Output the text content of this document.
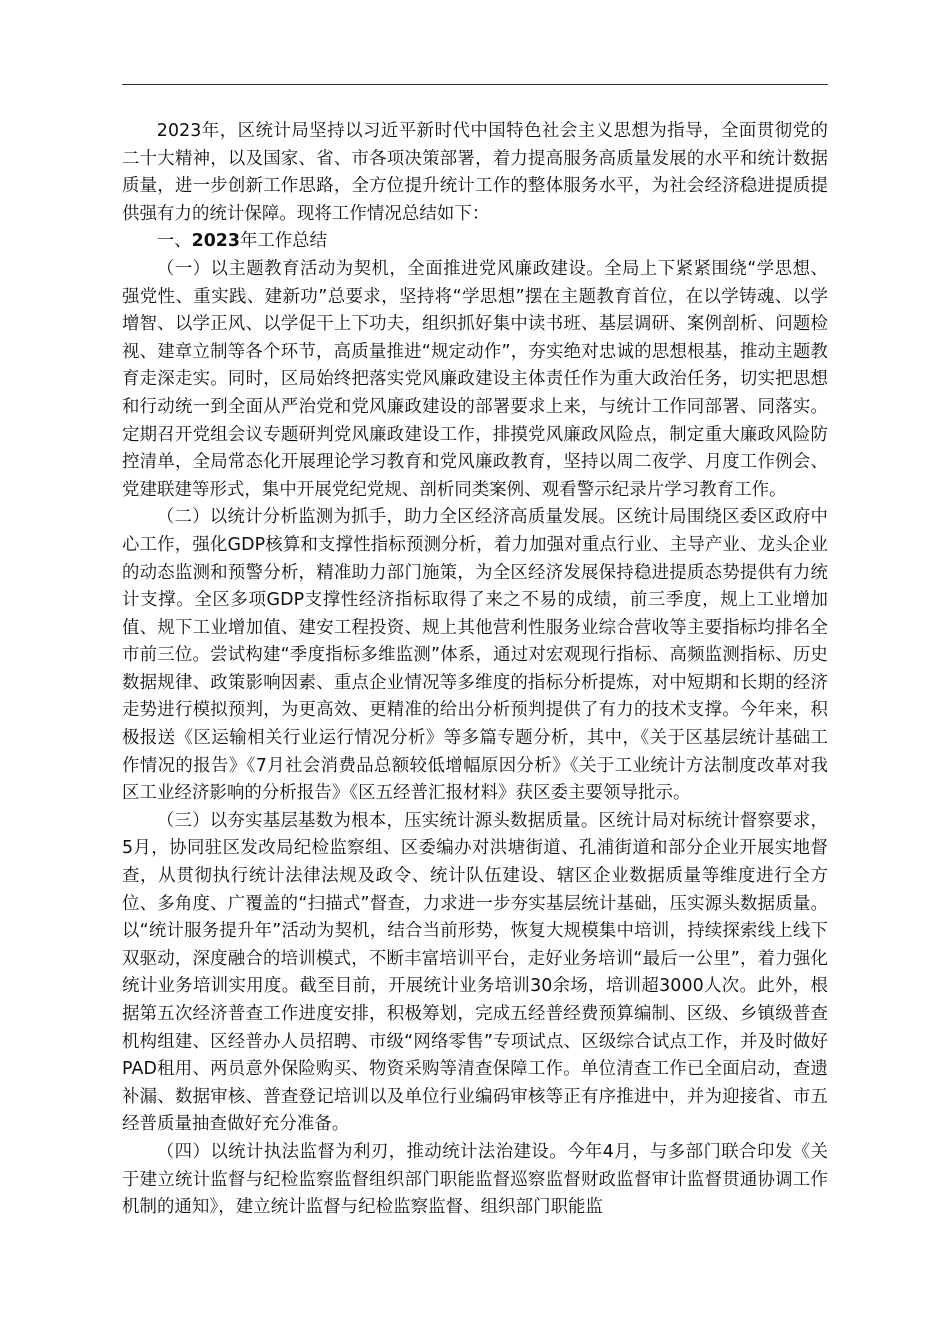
2023年，区统计局坚持以习近平新时代中国特色社会主义思想为指导，全面贯彻党的二十大精神，以及国家、省、市各项决策部署，着力提高服务高质量发展的水平和统计数据质量，进一步创新工作思路，全方位提升统计工作的整体服务水平，为社会经济稳进提质提供强有力的统计保障。现将工作情况总结如下：

一、2023年工作总结

（一）以主题教育活动为契机，全面推进党风廉政建设。全局上下紧紧围绕“学思想、强党性、重实践、建新功”总要求，坚持将“学思想”摆在主题教育首位，在以学铸魂、以学增智、以学正风、以学促干上下功夫，组织抓好集中读书班、基层调研、案例剖析、问题检视、建章立制等各个环节，高质量推进“规定动作”，夯实绝对忠诚的思想根基，推动主题教育走深走实。同时，区局始终把落实党风廉政建设主体责任作为重大政治任务，切实把思想和行动统一到全面从严治党和党风廉政建设的部署要求上来，与统计工作同部署、同落实。定期召开党组会议专题研判党风廉政建设工作，排摸党风廉政风险点，制定重大廉政风险防控清单，全局常态化开展理论学习教育和党风廉政教育，坚持以周二夜学、月度工作例会、党建联建等形式，集中开展党纪党规、剖析同类案例、观看警示纪录片学习教育工作。

（二）以统计分析监测为抓手，助力全区经济高质量发展。区统计局围绕区委区政府中心工作，强化GDP核算和支撑性指标预测分析，着力加强对重点行业、主导产业、龙头企业的动态监测和预警分析，精准助力部门施策，为全区经济发展保持稳进提质态势提供有力统计支撑。全区多项GDP支撑性经济指标取得了来之不易的成绩，前三季度，规上工业增加值、规下工业增加值、建安工程投资、规上其他营利性服务业综合营收等主要指标均排名全市前三位。尝试构建“季度指标多维监测”体系，通过对宏观现行指标、高频监测指标、历史数据规律、政策影响因素、重点企业情况等多维度的指标分析提炼，对中短期和长期的经济走势进行模拟预判，为更高效、更精准的给出分析预判提供了有力的技术支撑。今年来，积极报送《区运输相关行业运行情况分析》等多篇专题分析，其中，《关于区基层统计基础工作情况的报告》《7月社会消费品总额较低增幅原因分析》《关于工业统计方法制度改革对我区工业经济影响的分析报告》《区五经普汇报材料》获区委主要领导批示。

（三）以夯实基层基数为根本，压实统计源头数据质量。区统计局对标统计督察要求，5月，协同驻区发改局纪检监察组、区委编办对洪塘街道、孔浦街道和部分企业开展实地督查，从贯彻执行统计法律法规及政令、统计队伍建设、辖区企业数据质量等维度进行全方位、多角度、广覆盖的“扫描式”督查，力求进一步夯实基层统计基础，压实源头数据质量。以“统计服务提升年”活动为契机，结合当前形势，恢复大规模集中培训，持续探索线上线下双驱动，深度融合的培训模式，不断丰富培训平台，走好业务培训“最后一公里”，着力强化统计业务培训实用度。截至目前，开展统计业务培训30余场，培训超3000人次。此外，根据第五次经济普查工作进度安排，积极筹划，完成五经普经费预算编制、区级、乡镇级普查机构组建、区经普办人员招聘、市级“网络零售”专项试点、区级综合试点工作，并及时做好PAD租用、两员意外保险购买、物资采购等清查保障工作。单位清查工作已全面启动，查遗补漏、数据审核、普查登记培训以及单位行业编码审核等正有序推进中，并为迎接省、市五经普质量抽查做好充分准备。

（四）以统计执法监督为利刃，推动统计法治建设。今年4月，与多部门联合印发《关于建立统计监督与纪检监察监督组织部门职能监督巡察监督财政监督审计监督贯通协调工作机制的通知》，建立统计监督与纪检监察监督、组织部门职能监
